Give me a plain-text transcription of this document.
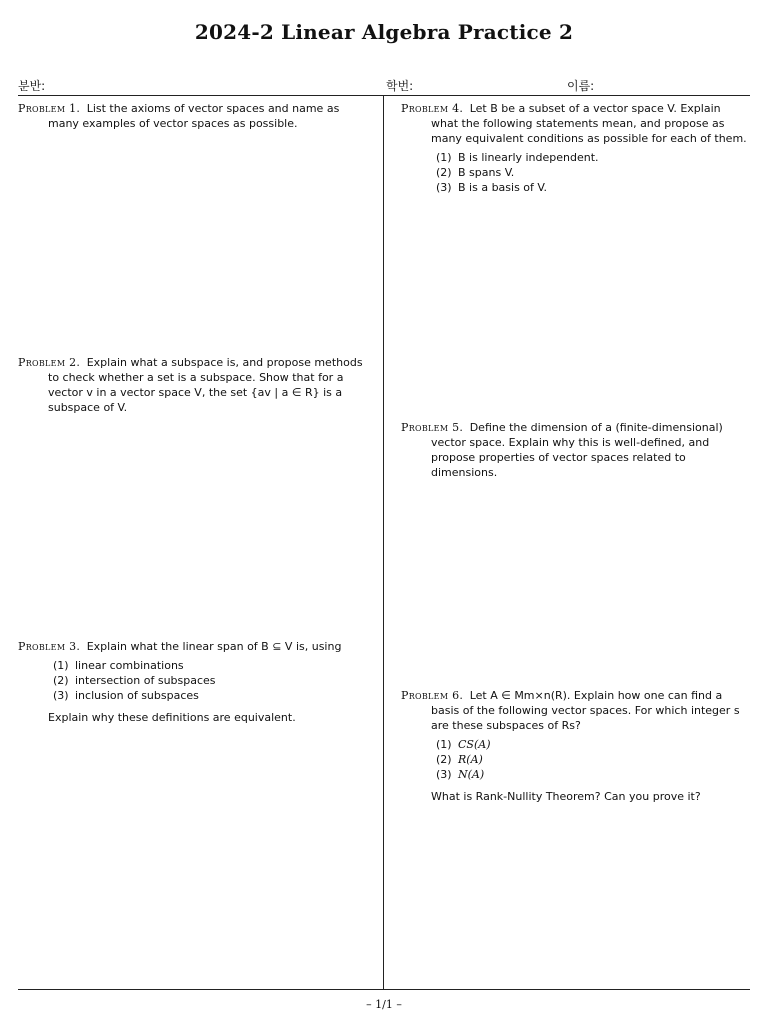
2024-2 Linear Algebra Practice 2
분반:	학번:	이름:
Problem 1. List the axioms of vector spaces and name as many examples of vector spaces as possible.
Problem 2. Explain what a subspace is, and propose methods to check whether a set is a subspace. Show that for a vector v in a vector space V, the set {av | a ∈ R} is a subspace of V.
Problem 3. Explain what the linear span of B ⊆ V is, using
(1) linear combinations
(2) intersection of subspaces
(3) inclusion of subspaces
Explain why these definitions are equivalent.
Problem 4. Let B be a subset of a vector space V. Explain what the following statements mean, and propose as many equivalent conditions as possible for each of them.
(1) B is linearly independent.
(2) B spans V.
(3) B is a basis of V.
Problem 5. Define the dimension of a (finite-dimensional) vector space. Explain why this is well-defined, and propose properties of vector spaces related to dimensions.
Problem 6. Let A ∈ Mm×n(R). Explain how one can find a basis of the following vector spaces. For which integer s are these subspaces of Rs?
(1) CS(A)
(2) R(A)
(3) N(A)
What is Rank-Nullity Theorem? Can you prove it?
– 1/1 –
